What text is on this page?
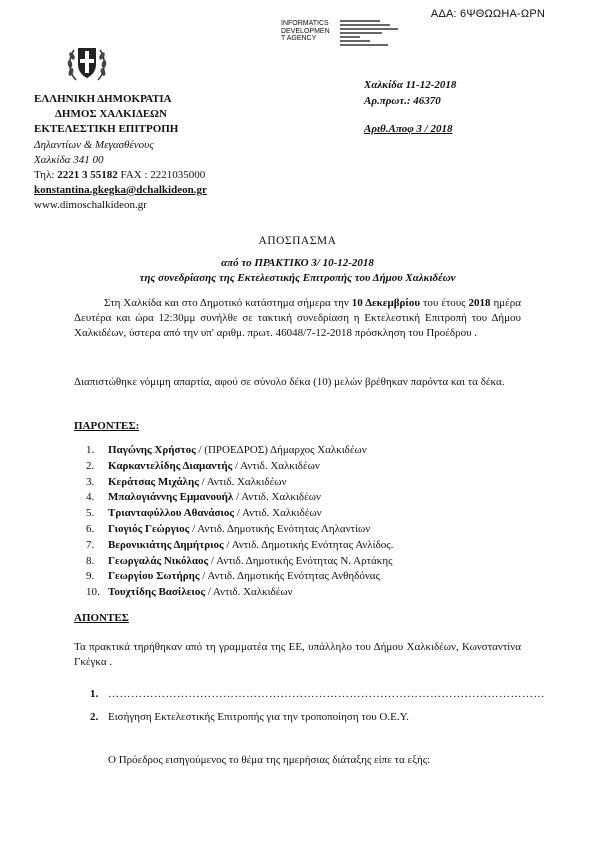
ΑΔΑ: 6ΨΘΩΩΗΑ-ΩΡΝ
INFORMATICS
DEVELOPMEN
T AGENCY
ΕΛΛΗΝΙΚΗ ΔΗΜΟΚΡΑΤΙΑ
ΔΗΜΟΣ ΧΑΛΚΙΔΕΩΝ
ΕΚΤΕΛΕΣΤΙΚΗ ΕΠΙΤΡΟΠΗ
Δηλαντίων & Μεγασθένους
Χαλκίδα 341 00
Τηλ: 2221 3 55182 FAX : 2221035000
konstantina.gkegka@dchalkideon.gr
www.dimoschalkideon.gr
Χαλκίδα 11-12-2018
Αρ.πρωτ.: 46370
Αριθ.Αποφ 3 / 2018
ΑΠΟΣΠΑΣΜΑ
από το ΠΡΑΚΤΙΚΟ 3/ 10-12-2018
της συνεδρίασης της Εκτελεστικής Επιτροπής του Δήμου Χαλκιδέων
Στη Χαλκίδα και στο Δημοτικό κατάστημα σήμερα την 10 Δεκεμβρίου του έτους 2018 ημέρα Δευτέρα και ώρα 12:30μμ συνήλθε σε τακτική συνεδρίαση η Εκτελεστική Επιτροπή του Δήμου Χαλκιδέων, ύστερα από την υπ' αριθμ. πρωτ. 46048/7-12-2018 πρόσκληση του Προέδρου .
Διαπιστώθηκε νόμιμη απαρτία, αφού σε σύνολο δέκα (10) μελών βρέθηκαν παρόντα και τα δέκα.
ΠΑΡΟΝΤΕΣ:
1.	Παγώνης Χρήστος / (ΠΡΟΕΔΡΟΣ) Δήμαρχος Χαλκιδέων
2.	Καρκαντελίδης Διαμαντής / Αντιδ. Χαλκιδέων
3.	Κεράτσας Μιχάλης / Αντιδ. Χαλκιδέων
4.	Μπαλογιάννης Εμμανουήλ / Αντιδ. Χαλκιδέων
5.	Τριανταφύλλου Αθανάσιος / Αντιδ. Χαλκιδέων
6.	Γιογιός Γεώργιος / Αντιδ. Δημοτικής Ενότητας Ληλαντίων
7.	Βερονικιάτης Δημήτριος / Αντιδ. Δημοτικής Ενότητας Ανλίδος.
8.	Γεωργαλάς Νικόλαος / Αντιδ. Δημοτικής Ενότητας Ν. Αρτάκης
9.	Γεωργίου Σωτήρης / Αντιδ. Δημοτικής Ενότητας Ανθηδόνας
10. Τουχτίδης Βασίλειος / Αντιδ. Χαλκιδέων
ΑΠΟΝΤΕΣ
Τα πρακτικά τηρήθηκαν από τη γραμματέα της ΕΕ, υπάλληλο του Δήμου Χαλκιδέων, Κωνσταντίνα Γκέγκα .
1. ……………………………………………………………………………………………………
2. Εισήγηση Εκτελεστικής Επιτροπής για την τροποποίηση του Ο.Ε.Υ.
Ο Πρόεδρος εισηγούμενος το θέμα της ημερήσιας διάταξης είπε τα εξής:
